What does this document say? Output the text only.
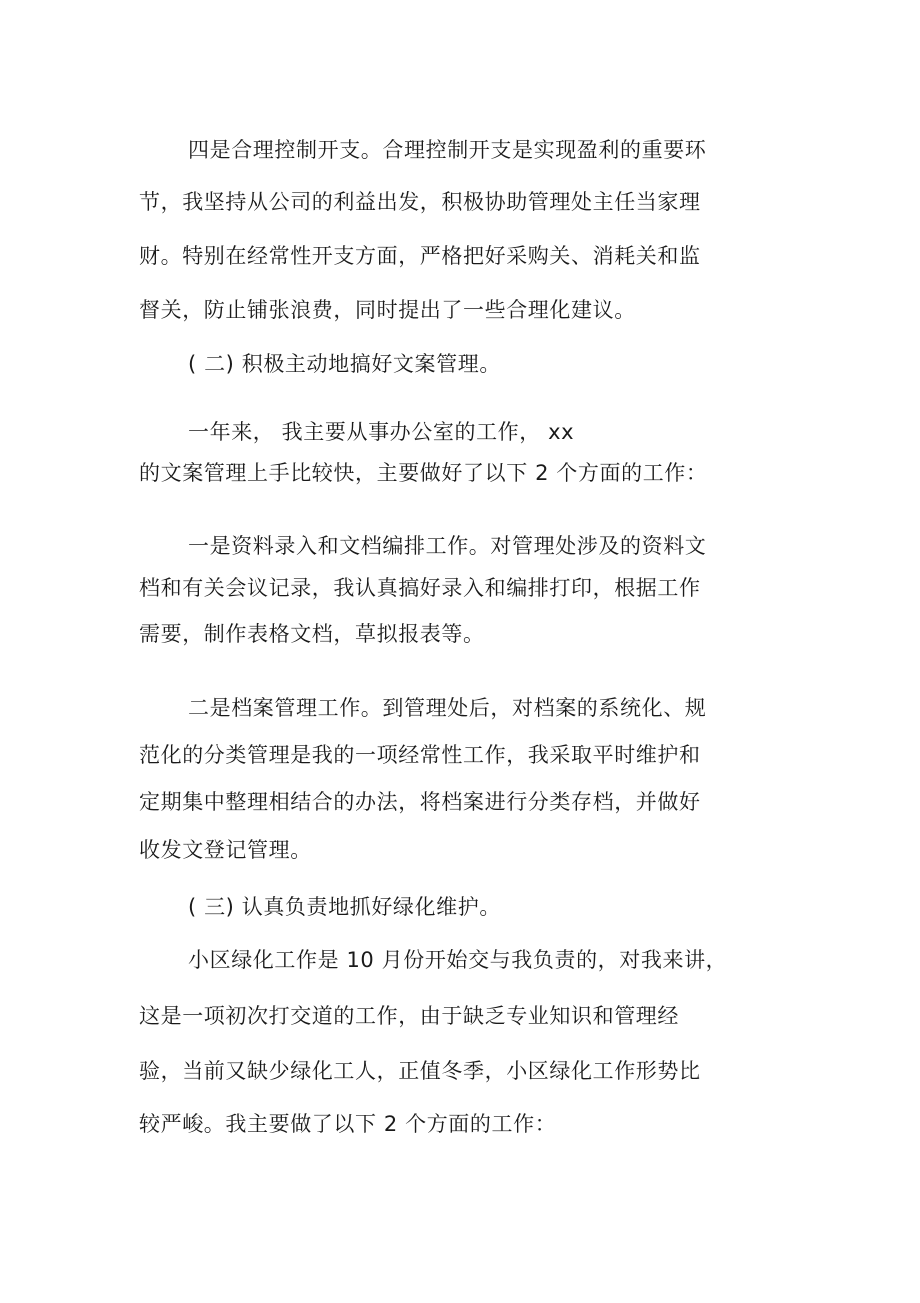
四是合理控制开支。合理控制开支是实现盈利的重要环
节，我坚持从公司的利益出发，积极协助管理处主任当家理
财。特别在经常性开支方面，严格把好采购关、消耗关和监
督关，防止铺张浪费，同时提出了一些合理化建议。
( 二) 积极主动地搞好文案管理。
一年来， 我主要从事办公室的工作， xx
的文案管理上手比较快，主要做好了以下 2 个方面的工作：
一是资料录入和文档编排工作。对管理处涉及的资料文
档和有关会议记录，我认真搞好录入和编排打印，根据工作
需要，制作表格文档，草拟报表等。
二是档案管理工作。到管理处后，对档案的系统化、规
范化的分类管理是我的一项经常性工作，我采取平时维护和
定期集中整理相结合的办法，将档案进行分类存档，并做好
收发文登记管理。
( 三) 认真负责地抓好绿化维护。
小区绿化工作是 10 月份开始交与我负责的，对我来讲，
这是一项初次打交道的工作，由于缺乏专业知识和管理经
验，当前又缺少绿化工人，正值冬季，小区绿化工作形势比
较严峻。我主要做了以下 2 个方面的工作：
